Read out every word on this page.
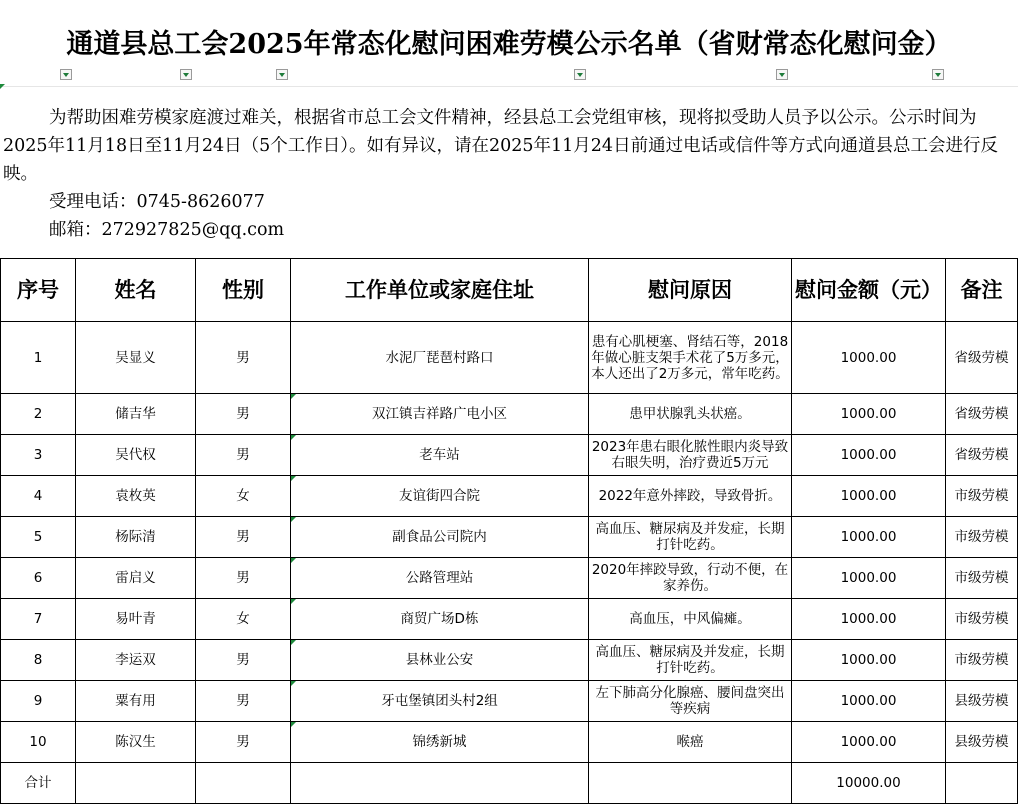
通道县总工会2025年常态化慰问困难劳模公示名单（省财常态化慰问金）

为帮助困难劳模家庭渡过难关，根据省市总工会文件精神，经县总工会党组审核，现将拟受助人员予以公示。公示时间为2025年11月18日至11月24日（5个工作日）。如有异议，请在2025年11月24日前通过电话或信件等方式向通道县总工会进行反映。

受理电话：0745-8626077

邮箱：272927825@qq.com

序号	姓名	性别	工作单位或家庭住址	慰问原因	慰问金额（元）	备注
1	吴显义	男	水泥厂琵琶村路口	患有心肌梗塞、肾结石等，2018年做心脏支架手术花了5万多元，本人还出了2万多元，常年吃药。	1000.00	省级劳模
2	储吉华	男	双江镇吉祥路广电小区	患甲状腺乳头状癌。	1000.00	省级劳模
3	吴代权	男	老车站	2023年患右眼化脓性眼内炎导致右眼失明，治疗费近5万元	1000.00	省级劳模
4	袁枚英	女	友谊街四合院	2022年意外摔跤，导致骨折。	1000.00	市级劳模
5	杨际清	男	副食品公司院内	高血压、糖尿病及并发症，长期打针吃药。	1000.00	市级劳模
6	雷启义	男	公路管理站	2020年摔跤导致，行动不便，在家养伤。	1000.00	市级劳模
7	易叶青	女	商贸广场D栋	高血压，中风偏瘫。	1000.00	市级劳模
8	李运双	男	县林业公安	高血压、糖尿病及并发症，长期打针吃药。	1000.00	市级劳模
9	粟有用	男	牙屯堡镇团头村2组	左下肺高分化腺癌、腰间盘突出等疾病	1000.00	县级劳模
10	陈汉生	男	锦绣新城	喉癌	1000.00	县级劳模
合计					10000.00	
